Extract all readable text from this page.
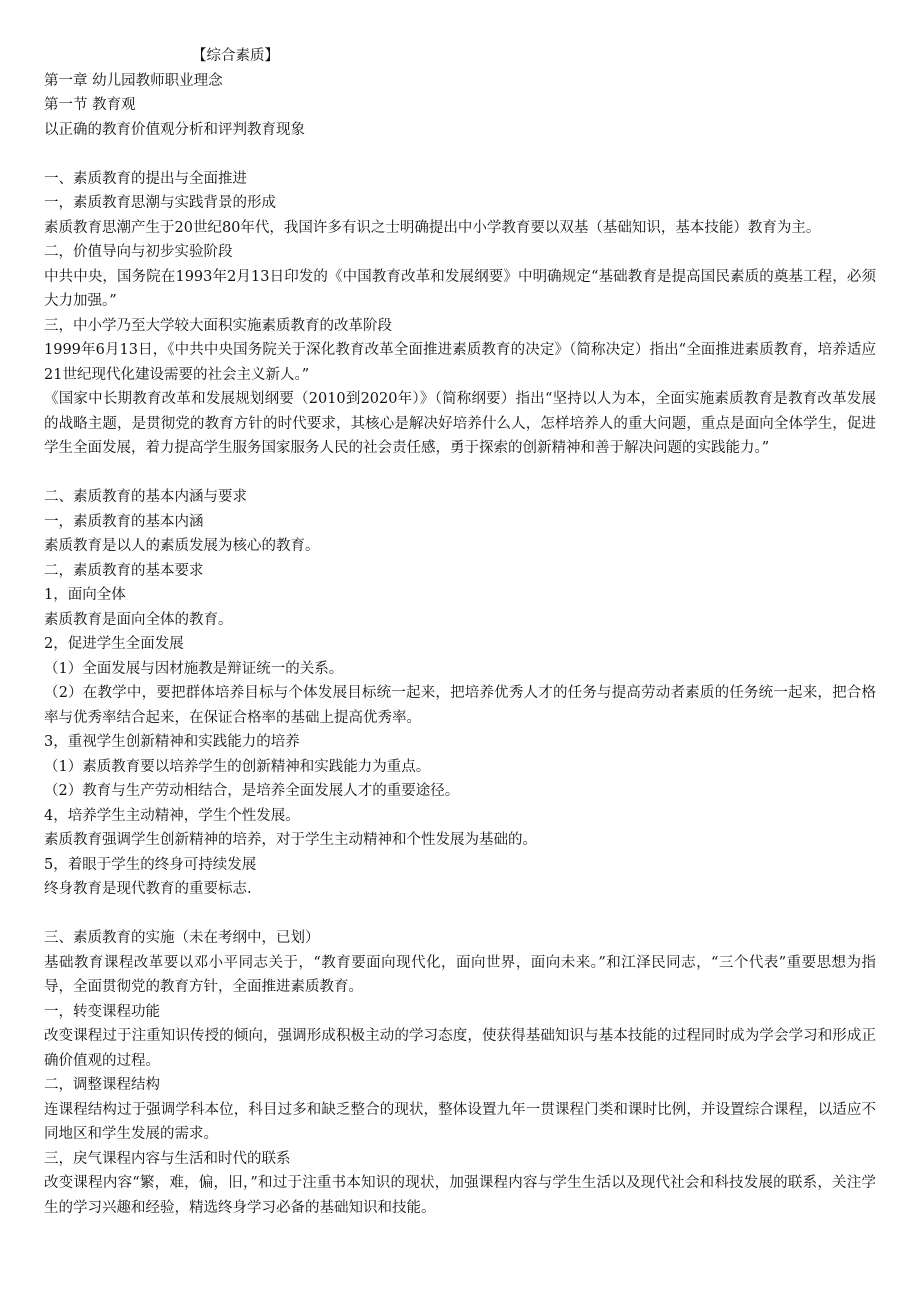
【综合素质】

第一章 幼儿园教师职业理念

第一节 教育观

以正确的教育价值观分析和评判教育现象

一、素质教育的提出与全面推进

一，素质教育思潮与实践背景的形成

素质教育思潮产生于20世纪80年代，我国许多有识之士明确提出中小学教育要以双基（基础知识，基本技能）教育为主。

二，价值导向与初步实验阶段

中共中央，国务院在1993年2月13日印发的《中国教育改革和发展纲要》中明确规定“基础教育是提高国民素质的奠基工程，必须大力加强。”

三，中小学乃至大学较大面积实施素质教育的改革阶段

1999年6月13日，《中共中央国务院关于深化教育改革全面推进素质教育的决定》（简称决定）指出“全面推进素质教育，培养适应21世纪现代化建设需要的社会主义新人。”

《国家中长期教育改革和发展规划纲要（2010到2020年）》（简称纲要）指出“坚持以人为本，全面实施素质教育是教育改革发展的战略主题，是贯彻党的教育方针的时代要求，其核心是解决好培养什么人，怎样培养人的重大问题，重点是面向全体学生，促进学生全面发展，着力提高学生服务国家服务人民的社会责任感，勇于探索的创新精神和善于解决问题的实践能力。”

二、素质教育的基本内涵与要求

一，素质教育的基本内涵

素质教育是以人的素质发展为核心的教育。

二，素质教育的基本要求

1，面向全体

素质教育是面向全体的教育。

2，促进学生全面发展

（1）全面发展与因材施教是辩证统一的关系。

（2）在教学中，要把群体培养目标与个体发展目标统一起来，把培养优秀人才的任务与提高劳动者素质的任务统一起来，把合格率与优秀率结合起来，在保证合格率的基础上提高优秀率。

3，重视学生创新精神和实践能力的培养

（1）素质教育要以培养学生的创新精神和实践能力为重点。

（2）教育与生产劳动相结合，是培养全面发展人才的重要途径。

4，培养学生主动精神，学生个性发展。

素质教育强调学生创新精神的培养，对于学生主动精神和个性发展为基础的。

5，着眼于学生的终身可持续发展

终身教育是现代教育的重要标志.

三、素质教育的实施（未在考纲中，已划）

基础教育课程改革要以邓小平同志关于，“教育要面向现代化，面向世界，面向未来。”和江泽民同志，“三个代表”重要思想为指导，全面贯彻党的教育方针，全面推进素质教育。

一，转变课程功能

改变课程过于注重知识传授的倾向，强调形成积极主动的学习态度，使获得基础知识与基本技能的过程同时成为学会学习和形成正确价值观的过程。

二，调整课程结构

连课程结构过于强调学科本位，科目过多和缺乏整合的现状，整体设置九年一贯课程门类和课时比例，并设置综合课程，以适应不同地区和学生发展的需求。

三，戾气课程内容与生活和时代的联系

改变课程内容“繁，难，偏，旧，”和过于注重书本知识的现状，加强课程内容与学生生活以及现代社会和科技发展的联系，关注学生的学习兴趣和经验，精选终身学习必备的基础知识和技能。
